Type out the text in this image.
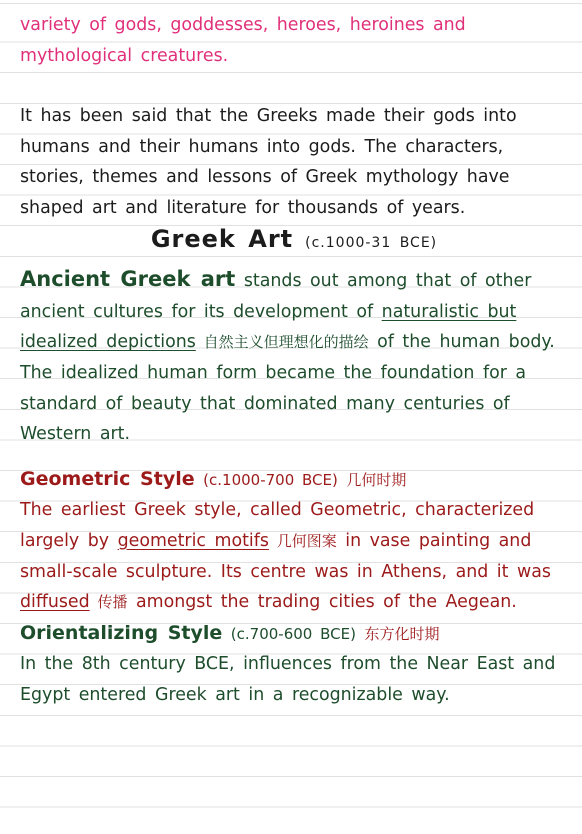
variety of gods, goddesses, heroes, heroines and mythological creatures.

It has been said that the Greeks made their gods into humans and their humans into gods. The characters, stories, themes and lessons of Greek mythology have shaped art and literature for thousands of years.

Greek Art (c.1000-31 BCE)

Ancient Greek art stands out among that of other ancient cultures for its development of naturalistic but idealized depictions 自然主义但理想化的描绘 of the human body. The idealized human form became the foundation for a standard of beauty that dominated many centuries of Western art.

Geometric Style (c.1000-700 BCE) 几何时期
The earliest Greek style, called Geometric, characterized largely by geometric motifs 几何图案 in vase painting and small-scale sculpture. Its centre was in Athens, and it was diffused 传播 amongst the trading cities of the Aegean.

Orientalizing Style (c.700-600 BCE) 东方化时期
In the 8th century BCE, influences from the Near East and Egypt entered Greek art in a recognizable way.
